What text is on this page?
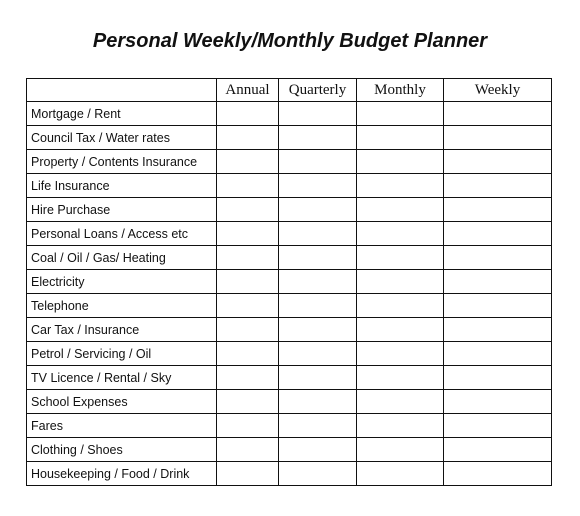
Personal Weekly/Monthly Budget Planner
	Annual	Quarterly	Monthly	Weekly
Mortgage / Rent				
Council Tax / Water rates				
Property / Contents Insurance				
Life Insurance				
Hire Purchase				
Personal Loans / Access etc				
Coal / Oil / Gas/ Heating				
Electricity				
Telephone				
Car Tax / Insurance				
Petrol / Servicing / Oil				
TV Licence / Rental / Sky				
School Expenses				
Fares				
Clothing / Shoes				
Housekeeping / Food / Drink				
